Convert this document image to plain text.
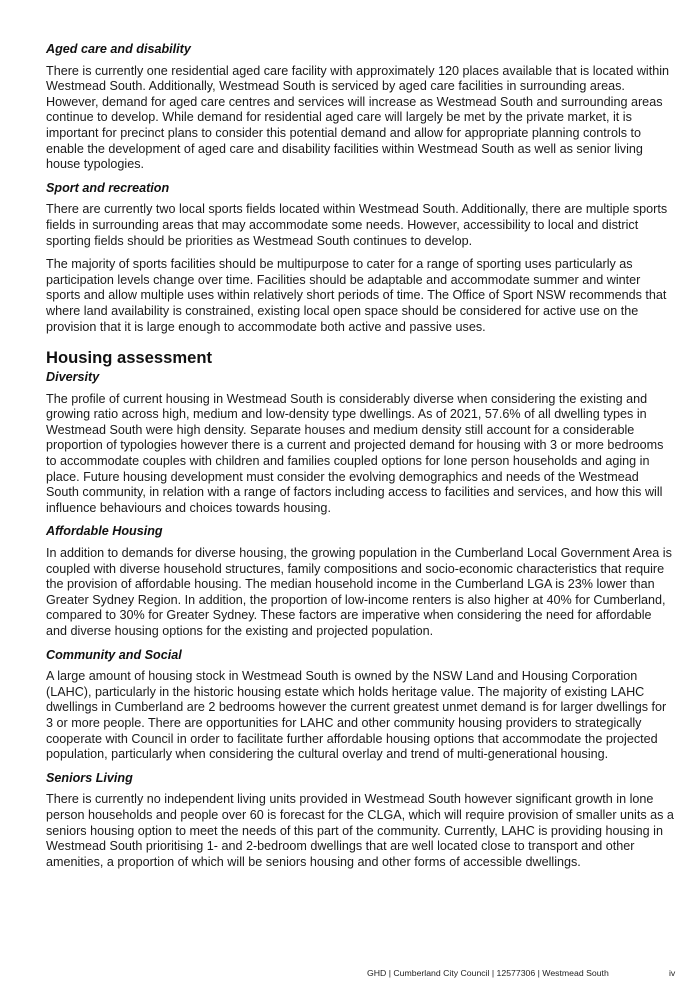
Aged care and disability

There is currently one residential aged care facility with approximately 120 places available that is located within Westmead South. Additionally, Westmead South is serviced by aged care facilities in surrounding areas. However, demand for aged care centres and services will increase as Westmead South and surrounding areas continue to develop. While demand for residential aged care will largely be met by the private market, it is important for precinct plans to consider this potential demand and allow for appropriate planning controls to enable the development of aged care and disability facilities within Westmead South as well as senior living house typologies.

Sport and recreation

There are currently two local sports fields located within Westmead South. Additionally, there are multiple sports fields in surrounding areas that may accommodate some needs. However, accessibility to local and district sporting fields should be priorities as Westmead South continues to develop.

The majority of sports facilities should be multipurpose to cater for a range of sporting uses particularly as participation levels change over time. Facilities should be adaptable and accommodate summer and winter sports and allow multiple uses within relatively short periods of time. The Office of Sport NSW recommends that where land availability is constrained, existing local open space should be considered for active use on the provision that it is large enough to accommodate both active and passive uses.

Housing assessment
Diversity

The profile of current housing in Westmead South is considerably diverse when considering the existing and growing ratio across high, medium and low-density type dwellings. As of 2021, 57.6% of all dwelling types in Westmead South were high density. Separate houses and medium density still account for a considerable proportion of typologies however there is a current and projected demand for housing with 3 or more bedrooms to accommodate couples with children and families coupled options for lone person households and aging in place. Future housing development must consider the evolving demographics and needs of the Westmead South community, in relation with a range of factors including access to facilities and services, and how this will influence behaviours and choices towards housing.

Affordable Housing

In addition to demands for diverse housing, the growing population in the Cumberland Local Government Area is coupled with diverse household structures, family compositions and socio-economic characteristics that require the provision of affordable housing. The median household income in the Cumberland LGA is 23% lower than Greater Sydney Region. In addition, the proportion of low-income renters is also higher at 40% for Cumberland, compared to 30% for Greater Sydney. These factors are imperative when considering the need for affordable and diverse housing options for the existing and projected population.

Community and Social

A large amount of housing stock in Westmead South is owned by the NSW Land and Housing Corporation (LAHC), particularly in the historic housing estate which holds heritage value. The majority of existing LAHC dwellings in Cumberland are 2 bedrooms however the current greatest unmet demand is for larger dwellings for 3 or more people. There are opportunities for LAHC and other community housing providers to strategically cooperate with Council in order to facilitate further affordable housing options that accommodate the projected population, particularly when considering the cultural overlay and trend of multi-generational housing.

Seniors Living

There is currently no independent living units provided in Westmead South however significant growth in lone person households and people over 60 is forecast for the CLGA, which will require provision of smaller units as a seniors housing option to meet the needs of this part of the community. Currently, LAHC is providing housing in Westmead South prioritising 1- and 2-bedroom dwellings that are well located close to transport and other amenities, a proportion of which will be seniors housing and other forms of accessible dwellings.

GHD | Cumberland City Council | 12577306 | Westmead South	iv
